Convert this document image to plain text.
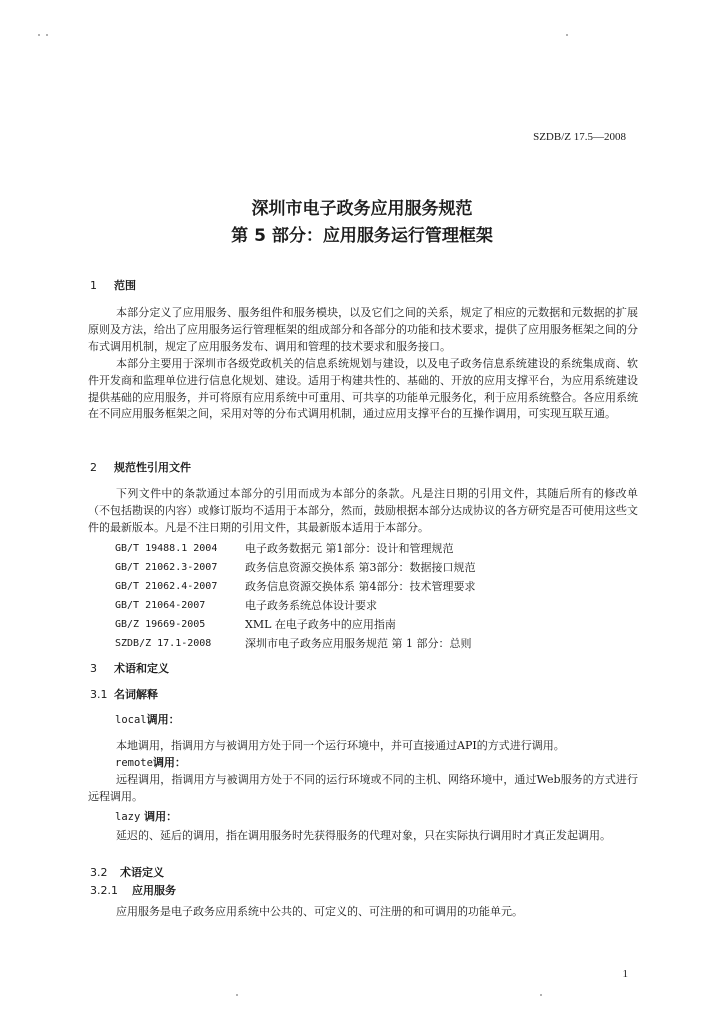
SZDB/Z 17.5—2008
深圳市电子政务应用服务规范
第 5 部分：应用服务运行管理框架
1 范围
本部分定义了应用服务、服务组件和服务模块，以及它们之间的关系，规定了相应的元数据和元数据的扩展原则及方法，给出了应用服务运行管理框架的组成部分和各部分的功能和技术要求，提供了应用服务框架之间的分布式调用机制，规定了应用服务发布、调用和管理的技术要求和服务接口。
本部分主要用于深圳市各级党政机关的信息系统规划与建设，以及电子政务信息系统建设的系统集成商、软件开发商和监理单位进行信息化规划、建设。适用于构建共性的、基础的、开放的应用支撑平台，为应用系统建设提供基础的应用服务，并可将原有应用系统中可重用、可共享的功能单元服务化，利于应用系统整合。各应用系统在不同应用服务框架之间，采用对等的分布式调用机制，通过应用支撑平台的互操作调用，可实现互联互通。
2 规范性引用文件
下列文件中的条款通过本部分的引用而成为本部分的条款。凡是注日期的引用文件，其随后所有的修改单（不包括勘误的内容）或修订版均不适用于本部分，然而，鼓励根据本部分达成协议的各方研究是否可使用这些文件的最新版本。凡是不注日期的引用文件，其最新版本适用于本部分。
GB/T 19488.1 2004	电子政务数据元 第1部分：设计和管理规范
GB/T 21062.3-2007	政务信息资源交换体系 第3部分：数据接口规范
GB/T 21062.4-2007	政务信息资源交换体系 第4部分：技术管理要求
GB/T 21064-2007	电子政务系统总体设计要求
GB/Z 19669-2005	XML 在电子政务中的应用指南
SZDB/Z 17.1-2008	深圳市电子政务应用服务规范 第 1 部分：总则
3 术语和定义
3.1 名词解释
local调用：
本地调用，指调用方与被调用方处于同一个运行环境中，并可直接通过API的方式进行调用。
remote调用：
远程调用，指调用方与被调用方处于不同的运行环境或不同的主机、网络环境中，通过Web服务的方式进行远程调用。
lazy 调用：
延迟的、延后的调用，指在调用服务时先获得服务的代理对象，只在实际执行调用时才真正发起调用。
3.2 术语定义
3.2.1 应用服务
应用服务是电子政务应用系统中公共的、可定义的、可注册的和可调用的功能单元。
1
